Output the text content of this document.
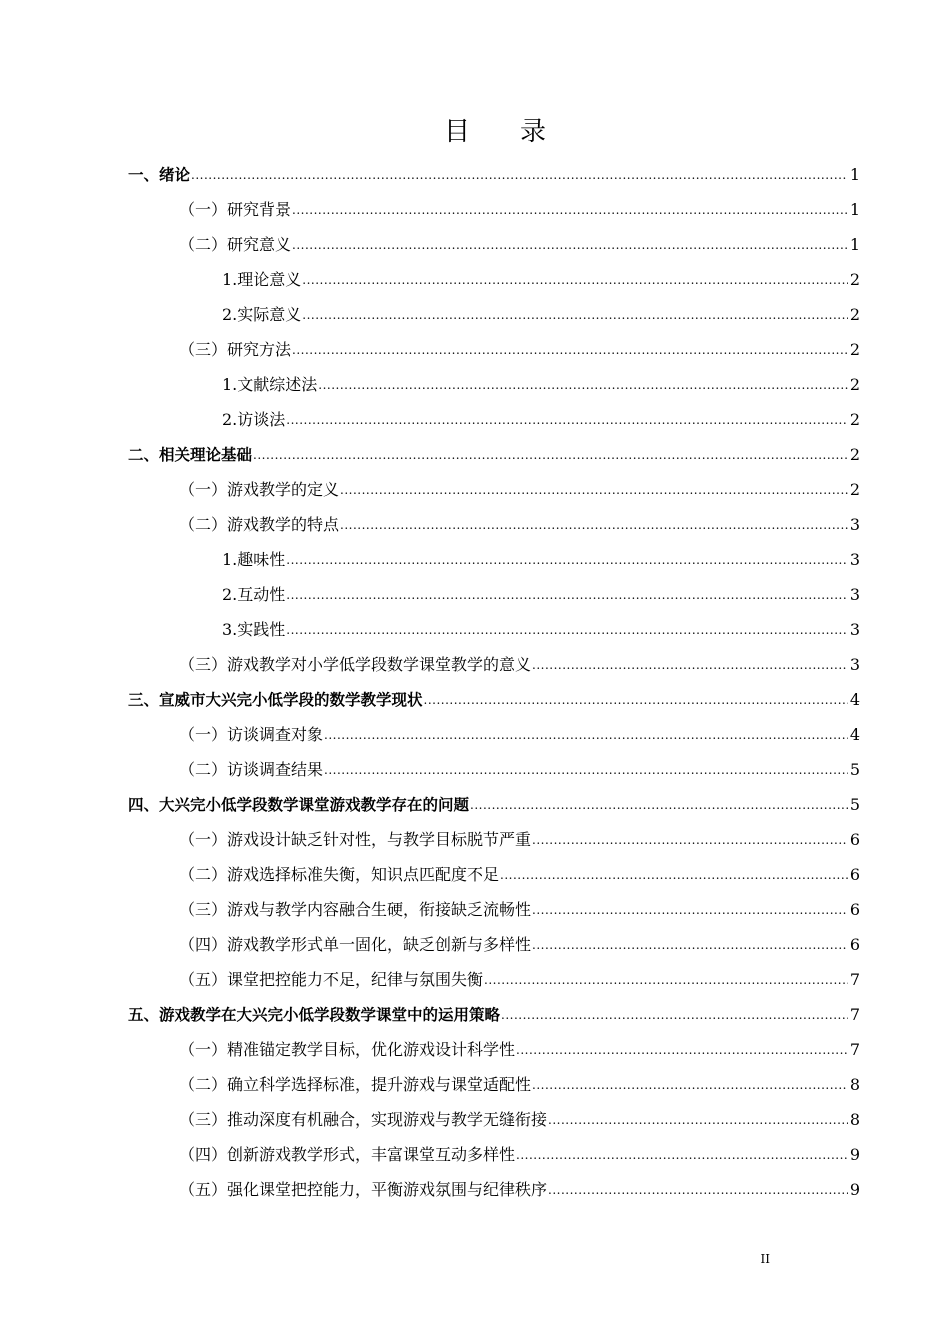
目 录
一、绪论 .....	1
（一）研究背景 .....	1
（二）研究意义 .....	1
1.理论意义 .....	2
2.实际意义 .....	2
（三）研究方法 .....	2
1.文献综述法 .....	2
2.访谈法 .....	2
二、相关理论基础 .....	2
（一）游戏教学的定义 .....	2
（二）游戏教学的特点 .....	3
1.趣味性 .....	3
2.互动性 .....	3
3.实践性 .....	3
（三）游戏教学对小学低学段数学课堂教学的意义 .....	3
三、宣威市大兴完小低学段的数学教学现状 .....	4
（一）访谈调查对象 .....	4
（二）访谈调查结果 .....	5
四、大兴完小低学段数学课堂游戏教学存在的问题 .....	5
（一）游戏设计缺乏针对性，与教学目标脱节严重 .....	6
（二）游戏选择标准失衡，知识点匹配度不足 .....	6
（三）游戏与教学内容融合生硬，衔接缺乏流畅性 .....	6
（四）游戏教学形式单一固化，缺乏创新与多样性 .....	6
（五）课堂把控能力不足，纪律与氛围失衡 .....	7
五、游戏教学在大兴完小低学段数学课堂中的运用策略 .....	7
（一）精准锚定教学目标，优化游戏设计科学性 .....	7
（二）确立科学选择标准，提升游戏与课堂适配性 .....	8
（三）推动深度有机融合，实现游戏与教学无缝衔接 .....	8
（四）创新游戏教学形式，丰富课堂互动多样性 .....	9
（五）强化课堂把控能力，平衡游戏氛围与纪律秩序 .....	9
II
